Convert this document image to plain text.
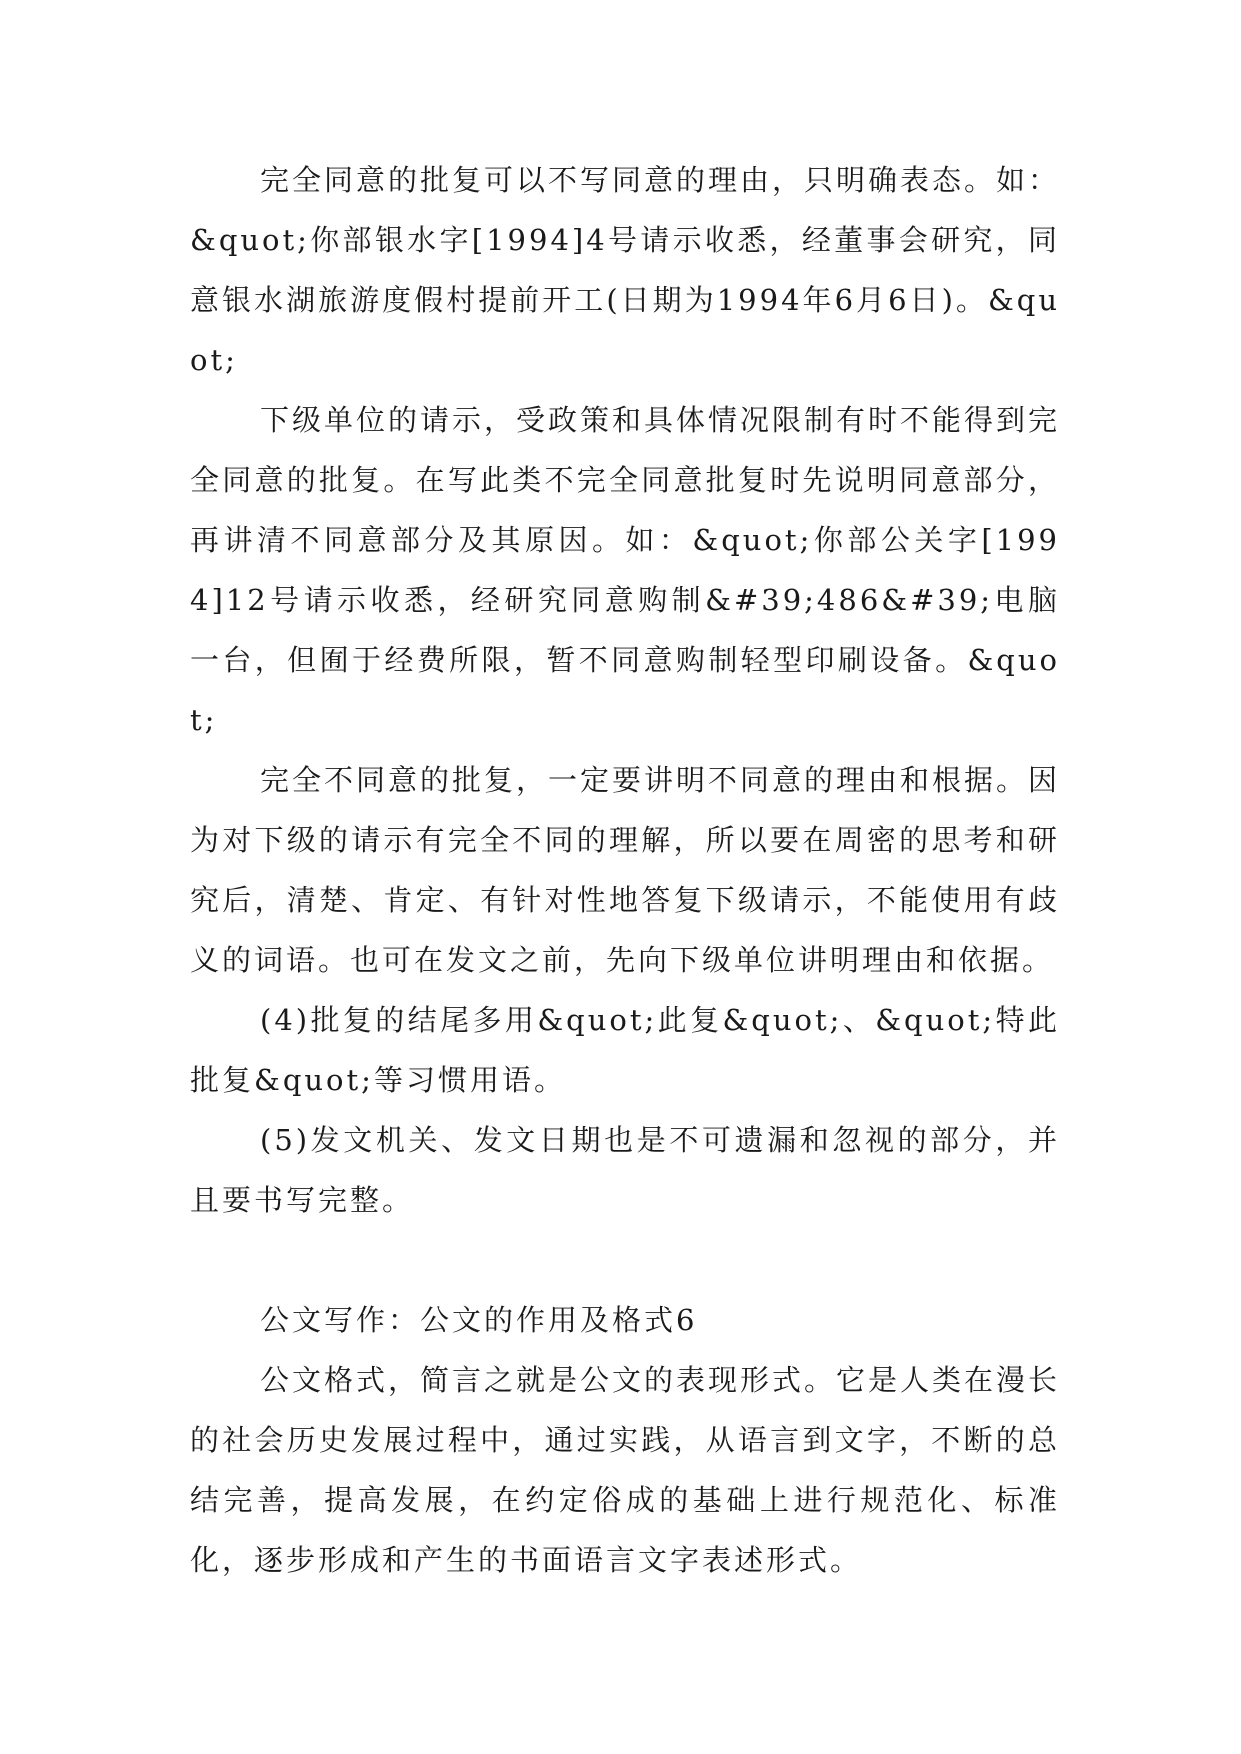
完全同意的批复可以不写同意的理由，只明确表态。如：&quot;你部银水字[1994]4号请示收悉，经董事会研究，同意银水湖旅游度假村提前开工(日期为1994年6月6日)。&quot;

下级单位的请示，受政策和具体情况限制有时不能得到完全同意的批复。在写此类不完全同意批复时先说明同意部分，再讲清不同意部分及其原因。如：&quot;你部公关字[1994]12号请示收悉，经研究同意购制&#39;486&#39;电脑一台，但囿于经费所限，暂不同意购制轻型印刷设备。&quot;

完全不同意的批复，一定要讲明不同意的理由和根据。因为对下级的请示有完全不同的理解，所以要在周密的思考和研究后，清楚、肯定、有针对性地答复下级请示，不能使用有歧义的词语。也可在发文之前，先向下级单位讲明理由和依据。

(4)批复的结尾多用&quot;此复&quot;、&quot;特此批复&quot;等习惯用语。

(5)发文机关、发文日期也是不可遗漏和忽视的部分，并且要书写完整。

公文写作：公文的作用及格式6

公文格式，简言之就是公文的表现形式。它是人类在漫长的社会历史发展过程中，通过实践，从语言到文字，不断的总结完善，提高发展，在约定俗成的基础上进行规范化、标准化，逐步形成和产生的书面语言文字表述形式。
